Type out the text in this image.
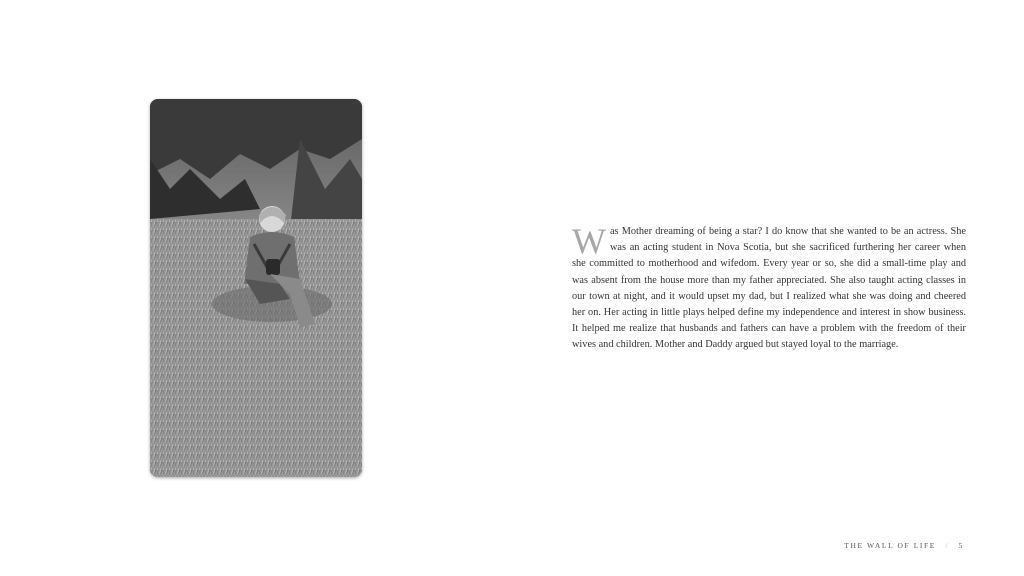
W as Mother dreaming of being a star? I do know that she wanted to be an actress. She was an acting student in Nova Scotia, but she sacrificed furthering her career when she committed to motherhood and wifedom. Every year or so, she did a small-time play and was absent from the house more than my father appreciated. She also taught acting classes in our town at night, and it would upset my dad, but I realized what she was doing and cheered her on. Her acting in little plays helped define my independence and interest in show business. It helped me realize that husbands and fathers can have a problem with the freedom of their wives and children. Mother and Daddy argued but stayed loyal to the marriage.
THE WALL OF LIFE / 5
